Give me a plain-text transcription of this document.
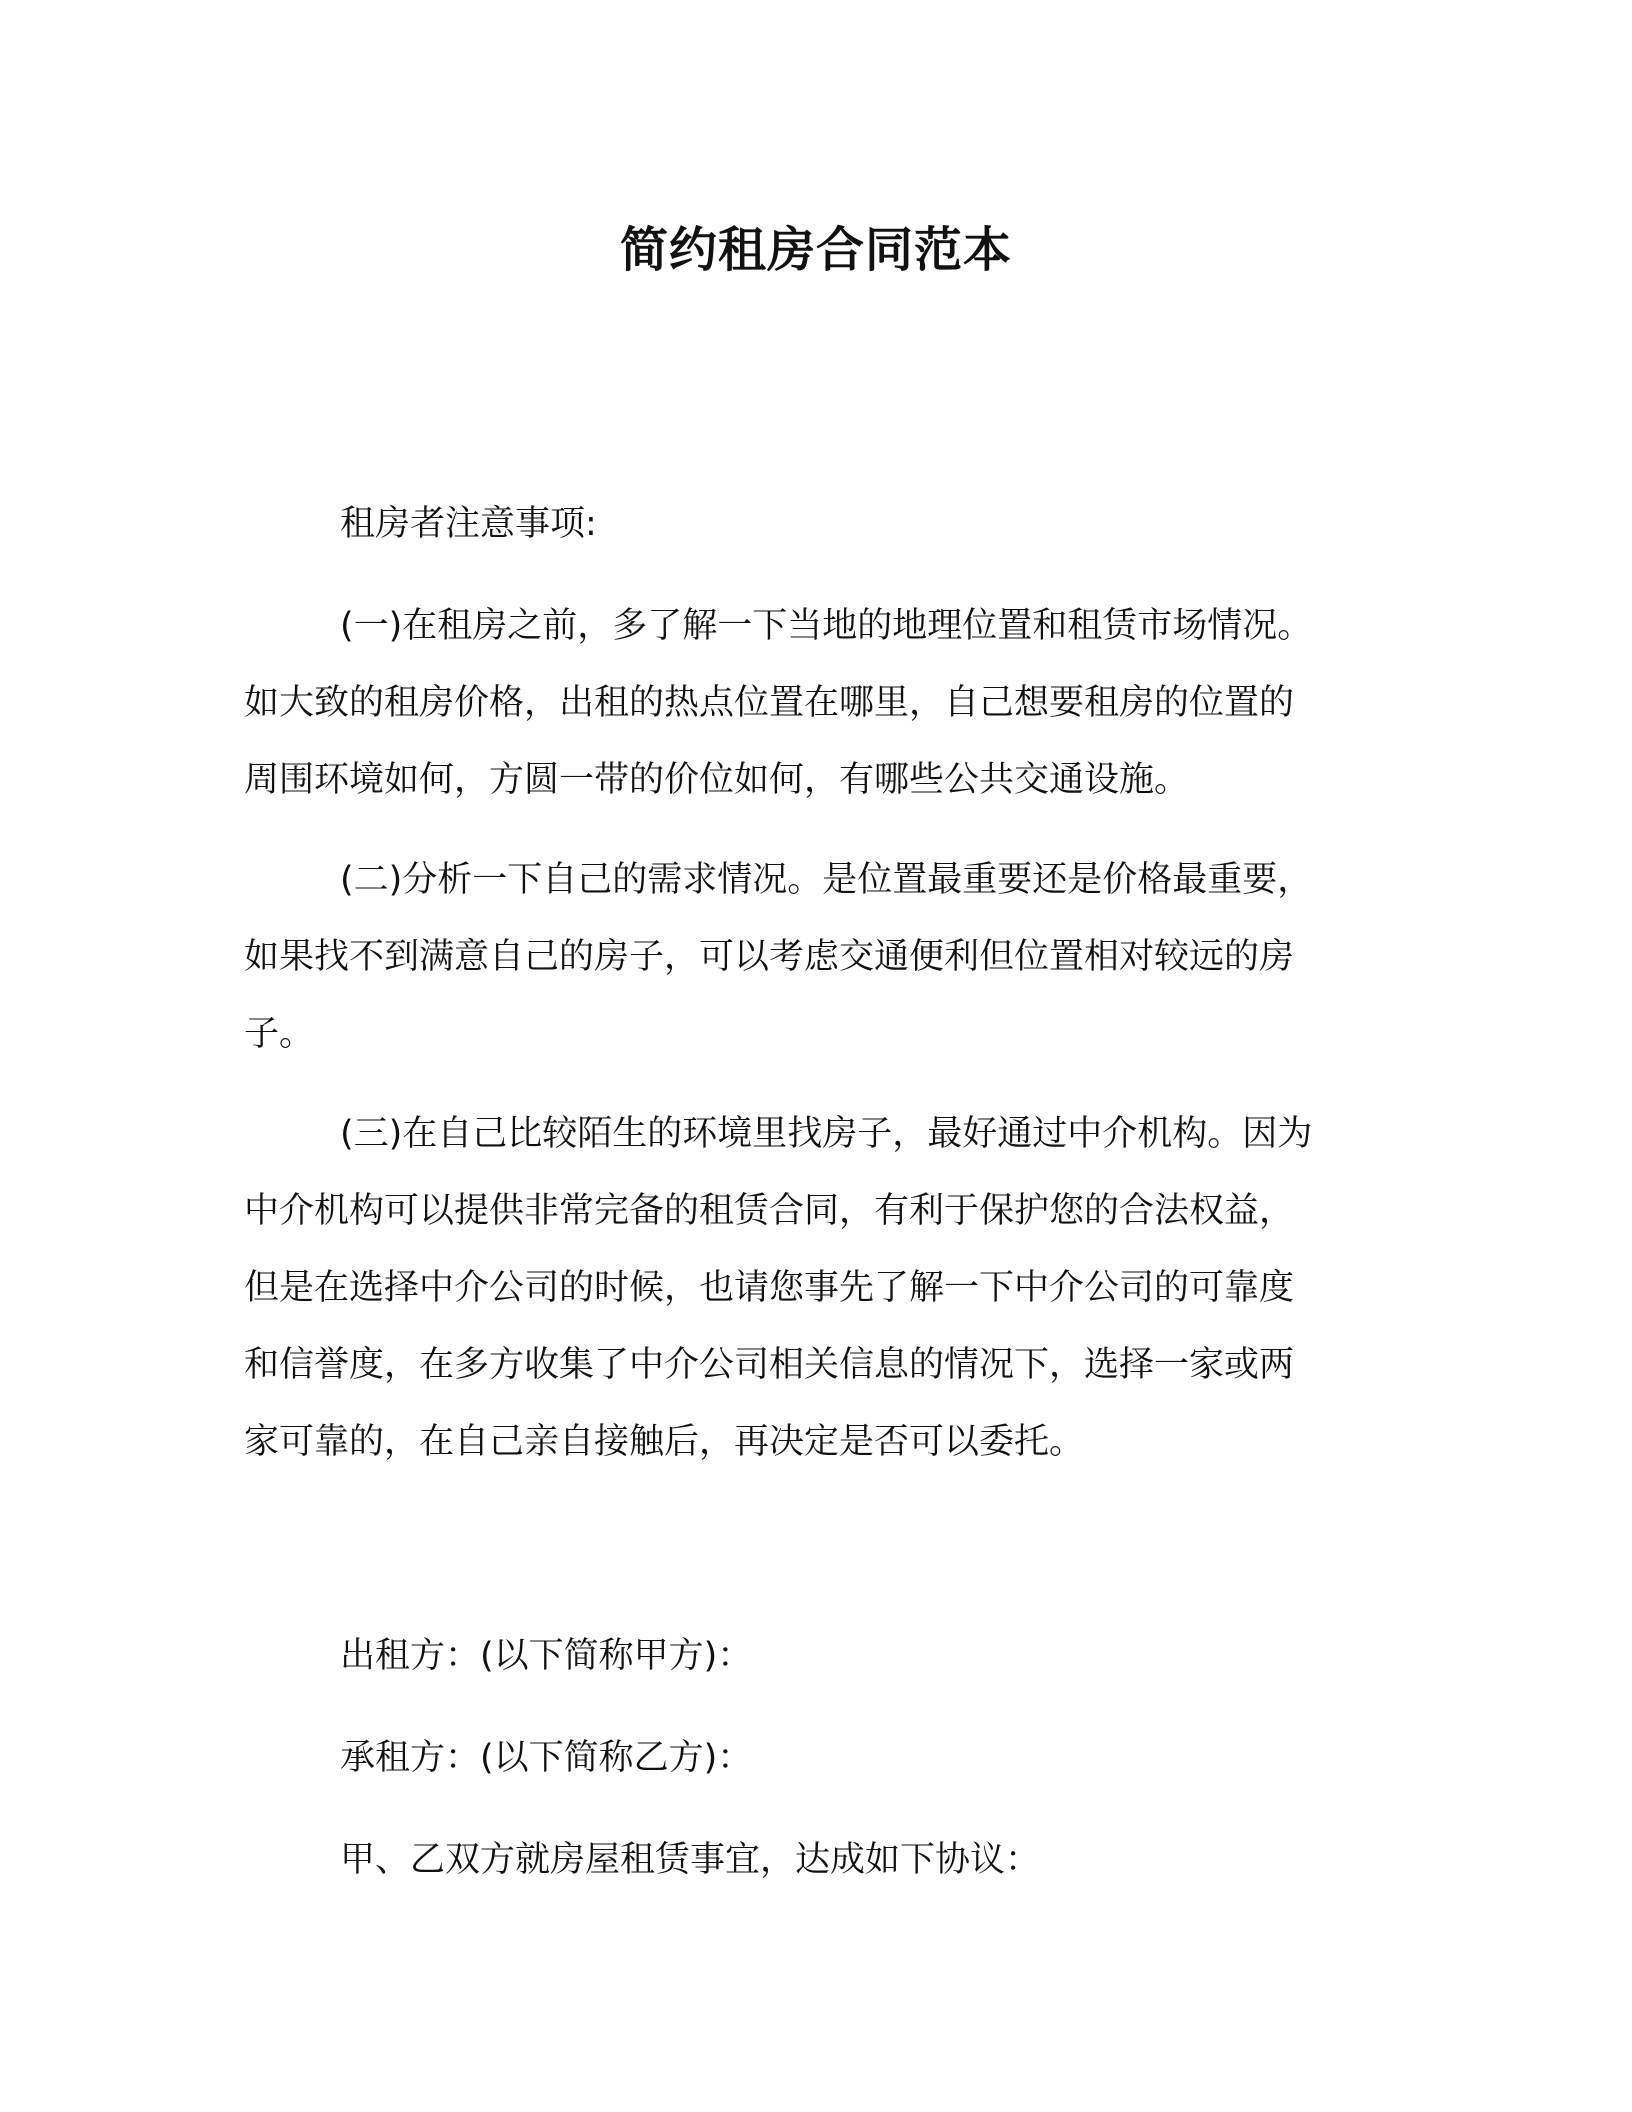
简约租房合同范本

租房者注意事项:

(一)在租房之前，多了解一下当地的地理位置和租赁市场情况。
如大致的租房价格，出租的热点位置在哪里，自己想要租房的位置的
周围环境如何，方圆一带的价位如何，有哪些公共交通设施。
(二)分析一下自己的需求情况。是位置最重要还是价格最重要，
如果找不到满意自己的房子，可以考虑交通便利但位置相对较远的房
子。
(三)在自己比较陌生的环境里找房子，最好通过中介机构。因为
中介机构可以提供非常完备的租赁合同，有利于保护您的合法权益，
但是在选择中介公司的时候，也请您事先了解一下中介公司的可靠度
和信誉度，在多方收集了中介公司相关信息的情况下，选择一家或两
家可靠的，在自己亲自接触后，再决定是否可以委托。

出租方：(以下简称甲方)：

承租方：(以下简称乙方)：

甲、乙双方就房屋租赁事宜，达成如下协议：
